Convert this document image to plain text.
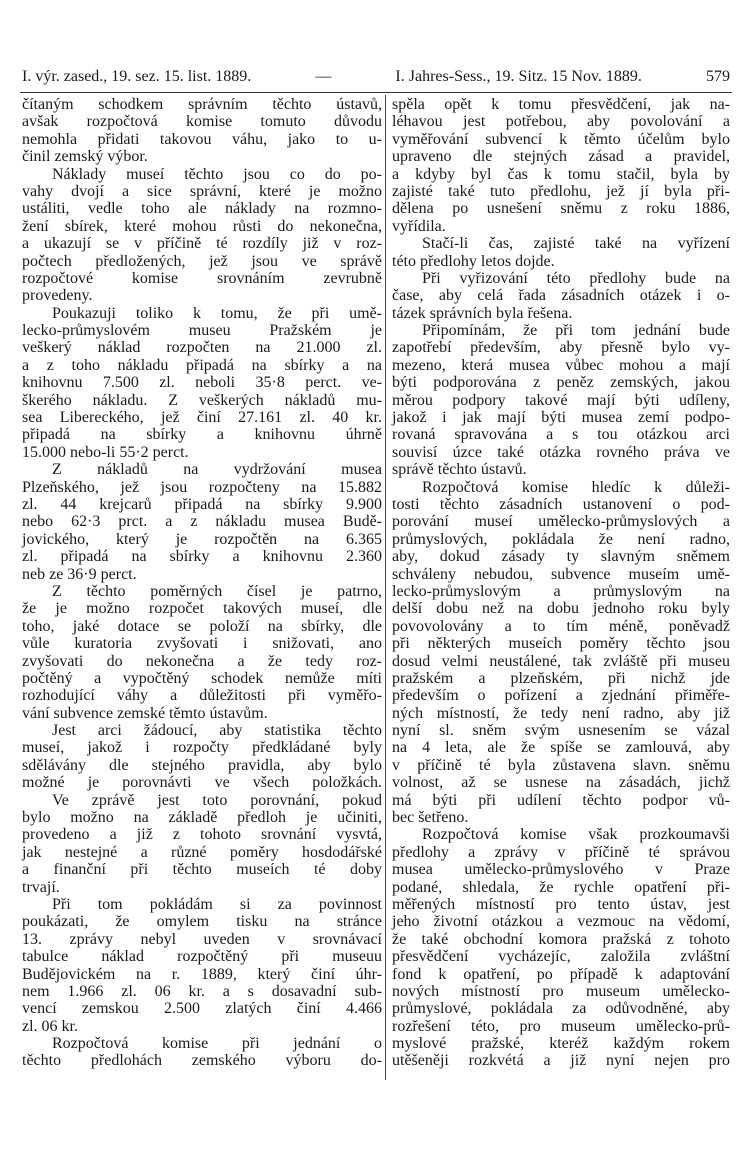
I. výr. zased., 19. sez. 15. list. 1889.	—	I. Jahres-Sess., 19. Sitz. 15 Nov. 1889.	579
čítaným schodkem správním těchto ústavů,
avšak rozpočtová komise tomuto důvodu
nemohla přidati takovou váhu, jako to u-
činil zemský výbor.
Náklady museí těchto jsou co do po-
vahy dvojí a sice správní, které je možno
ustáliti, vedle toho ale náklady na rozmno-
žení sbírek, které mohou růsti do nekonečna,
a ukazují se v příčině té rozdíly již v roz-
počtech předložených, jež jsou ve správě
rozpočtové komise srovnáním zevrubně
provedeny.
Poukazuji toliko k tomu, že při umě-
lecko-průmyslovém museu Pražském je
veškerý náklad rozpočten na 21.000 zl.
a z toho nákladu připadá na sbírky a na
knihovnu 7.500 zl. neboli 35·8 perct. ve-
škerého nákladu. Z veškerých nákladů mu-
sea Libereckého, jež činí 27.161 zl. 40 kr.
připadá na sbírky a knihovnu úhrně
15.000 nebo-li 55·2 perct.
Z nákladů na vydržování musea
Plzeňského, jež jsou rozpočteny na 15.882
zl. 44 krejcarů připadá na sbírky 9.900
nebo 62·3 prct. a z nákladu musea Budě-
jovického, který je rozpočtěn na 6.365
zl. připadá na sbírky a knihovnu 2.360
neb ze 36·9 perct.
Z těchto poměrných čísel je patrno,
že je možno rozpočet takových museí, dle
toho, jaké dotace se položí na sbírky, dle
vůle kuratoria zvyšovati i snižovati, ano
zvyšovati do nekonečna a že tedy roz-
počtěný a vypočtěný schodek nemůže míti
rozhodující váhy a důležitosti při vyměřo-
vání subvence zemské těmto ústavům.
Jest arci žádoucí, aby statistika těchto
museí, jakož i rozpočty předkládané byly
sdělávány dle stejného pravidla, aby bylo
možné je porovnávti ve všech položkách.
Ve zprávě jest toto porovnání, pokud
bylo možno na základě předloh je učiniti,
provedeno a již z tohoto srovnání vysvtá,
jak nestejné a různé poměry hosdodářské
a finanční při těchto museích té doby
trvají.
Při tom pokládám si za povinnost
poukázati, že omylem tisku na stránce
13. zprávy nebyl uveden v srovnávací
tabulce náklad rozpočtěný při museuu
Budějovickém na r. 1889, který činí úhr-
nem 1.966 zl. 06 kr. a s dosavadní sub-
vencí zemskou 2.500 zlatých činí 4.466
zl. 06 kr.
Rozpočtová komise při jednání o
těchto předlohách zemského výboru do-
spěla opět k tomu přesvědčení, jak na-
léhavou jest potřebou, aby povolování a
vyměřování subvencí k těmto účelům bylo
upraveno dle stejných zásad a pravidel,
a kdyby byl čas k tomu stačil, byla by
zajisté také tuto předlohu, jež jí byla při-
dělena po usnešení sněmu z roku 1886,
vyřídila.
Stačí-li čas, zajisté také na vyřízení
této předlohy letos dojde.
Při vyřizování této předlohy bude na
čase, aby celá řada zásadních otázek i o-
tázek správních byla řešena.
Připomínám, že při tom jednání bude
zapotřebí především, aby přesně bylo vy-
mezeno, která musea vůbec mohou a mají
býti podporována z peněz zemských, jakou
měrou podpory takové mají býti udíleny,
jakož i jak mají býti musea zemí podpo-
rovaná spravována a s tou otázkou arci
souvisí úzce také otázka rovného práva ve
správě těchto ústavů.
Rozpočtová komise hledíc k důleži-
tosti těchto zásadních ustanovení o pod-
porování museí umělecko-průmyslových a
průmyslových, pokládala že není radno,
aby, dokud zásady ty slavným sněmem
schváleny nebudou, subvence museím umě-
lecko-průmyslovým a průmyslovým na
delší dobu než na dobu jednoho roku byly
povovolovány a to tím méně, poněvadž
při některých museích poměry těchto jsou
dosud velmi neustálené, tak zvláště při museu
pražském a plzeňském, při nichž jde
především o pořízení a zjednání přiměře-
ných místností, že tedy není radno, aby již
nyní sl. sněm svým usnesením se vázal
na 4 leta, ale že spíše se zamlouvá, aby
v příčině té byla zůstavena slavn. sněmu
volnost, až se usnese na zásadách, jichž
má býti při udílení těchto podpor vů-
bec šetřeno.
Rozpočtová komise však prozkoumavši
předlohy a zprávy v příčině té správou
musea umělecko-průmyslového v Praze
podané, shledala, že rychle opatření při-
měřených místností pro tento ústav, jest
jeho životní otázkou a vezmouc na vědomí,
že také obchodní komora pražská z tohoto
přesvědčení vycházejíc, založila zvláštní
fond k opatření, po případě k adaptování
nových místností pro museum umělecko-
průmyslové, pokládala za odůvodněné, aby
rozřešení této, pro museum umělecko-prů-
myslové pražské, kteréž každým rokem
utěšeněji rozkvétá a již nyní nejen pro
